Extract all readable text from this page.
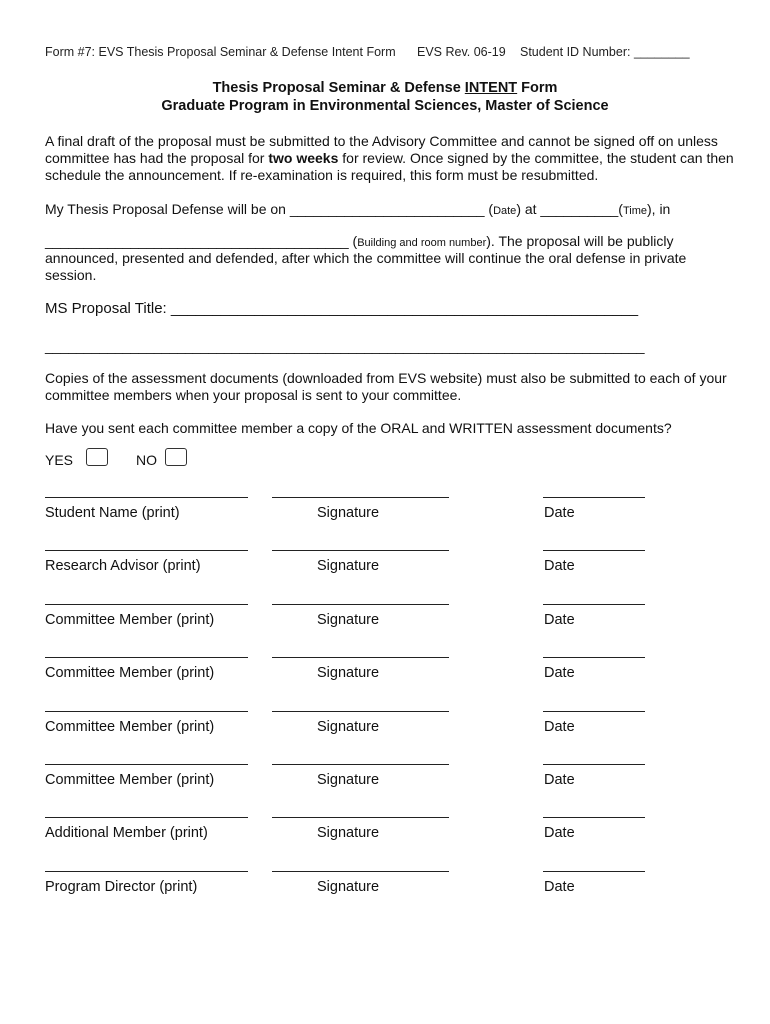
Form #7: EVS Thesis Proposal Seminar & Defense Intent Form EVS Rev. 06-19 Student ID Number: ________
Thesis Proposal Seminar & Defense INTENT Form
Graduate Program in Environmental Sciences, Master of Science
A final draft of the proposal must be submitted to the Advisory Committee and cannot be signed off on unless committee has had the proposal for two weeks for review. Once signed by the committee, the student can then schedule the announcement. If re-examination is required, this form must be resubmitted.
My Thesis Proposal Defense will be on _________________________ (Date) at __________(Time), in
_______________________________________ (Building and room number). The proposal will be publicly
announced, presented and defended, after which the committee will continue the oral defense in private session.
MS Proposal Title: ________________________________________________________
_____________________________________________________________________________
Copies of the assessment documents (downloaded from EVS website) must also be submitted to each of your committee members when your proposal is sent to your committee.
Have you sent each committee member a copy of the ORAL and WRITTEN assessment documents?
YES	NO
Student Name (print)	Signature	Date
Research Advisor (print)	Signature	Date
Committee Member (print)	Signature	Date
Committee Member (print)	Signature	Date
Committee Member (print)	Signature	Date
Committee Member (print)	Signature	Date
Additional Member (print)	Signature	Date
Program Director (print)	Signature	Date
